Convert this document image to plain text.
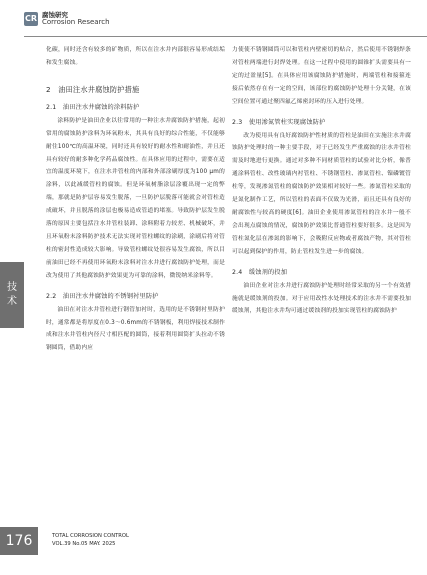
CR 腐蚀研究
Corrosion Research
技
术

化碳，同时还含有较多的矿物质，所以在注水井内部很容易形成结垢和发生腐蚀。

2　油田注水井腐蚀防护措施
2.1　油田注水井腐蚀的涂料防护

涂料防护是油田企业以往常用的一种注水井腐蚀防护措施，起初常用的腐蚀防护涂料为环氧粉末，其具有良好的综合性能，不仅能够耐住100℃的高温环境，同时还具有较好的耐水性和耐油性，并且还具有较好的耐多种化学药品腐蚀性。在具体应用的过程中，需要在适宜的温度环境下，在注水井管柱的内部和外部涂刷厚度为100 μm的涂料，以此减缓管柱的腐蚀。但是环氧树脂涂层涂覆出现一定的弊端，那就是防护层容易发生脱落，一旦防护层脱落可能就会对管柱造成破坏，并且脱落的涂层也极易造成管道的堵塞。导致防护层发生脱落的原因主要包括注水井管柱装卸、涂料附着力较差、机械破坏，并且环氧粉末涂料防护技术无法实现对管柱螺纹的涂刷，涂刷后将对管柱的密封性造成较大影响。导致管柱螺纹处很容易发生腐蚀，所以目前油田已经不再使用环氧粉末涂料对注水井进行腐蚀防护处理，而是改为使用了其他腐蚀防护效果更为可靠的涂料，微锐纳米涂料等。

2.2　油田注水井腐蚀的不锈钢衬里防护

油田在对注水井管柱进行钢管加衬时，选用的是不锈钢衬里防护时，通常都是将厚度在0.3～0.6mm的不锈钢板，利用焊接技术制作成和注水井管柱内径尺寸相匹配的圆筒，接着利用圆筒扩头拉动不锈钢圆筒，借助内应

力使使不锈钢圆筒可以和管柱内壁密切的贴合，然后使用不锈钢焊条对管柱两端进行封焊处理。在这一过程中使用的圆锥扩头需要具有一定的过盈量[5]。在具体应用该腐蚀防护措施时，两端管柱和接箍连接后依然存在有一定的空间，该部位的腐蚀防护处理十分关键，在该空间位置可通过聚四氟乙烯密封环的压入进行处理。

2.3　使用渗氮管柱实现腐蚀防护

改为使用具有良好腐蚀防护性材质的管柱是油田在实施注水井腐蚀防护处理时的一种主要手段，对于已经发生严重腐蚀的注水井管柱需及时地进行更换。通过对多种不同材质管柱的试验对比分析，像普通涂料管柱、改性玻璃内衬管柱、不锈钢管柱、渗氮管柱、镍磷镀管柱等，发现渗氮管柱的腐蚀防护效果相对较好一些。渗氮管柱采取的是氮化制作工艺，所以管柱的表面不仅致为光滑，而且还具有良好的耐腐蚀性与较高的硬度[6]。油田企业使用渗氮管柱的注水井一般不会出现点腐蚀的情况，腐蚀防护效果比普通管柱要好很多。这是因为管柱氮化层在渗氮的影响下，会吸附反应物或者腐蚀产物，其对管柱可以起到保护的作用，防止管柱发生进一步的腐蚀。

2.4　缓蚀剂的投加

油田企业对注水井进行腐蚀防护处理时经常采取的另一个有效措施就是缓蚀剂的投加。对于应用改性水处理技术的注水井不需要投加缓蚀剂，其他注水井均可通过缓蚀剂的投加实现管柱的腐蚀防护

176	TOTAL CORROSION CONTROL
VOL.39 No.05 MAY. 2025
